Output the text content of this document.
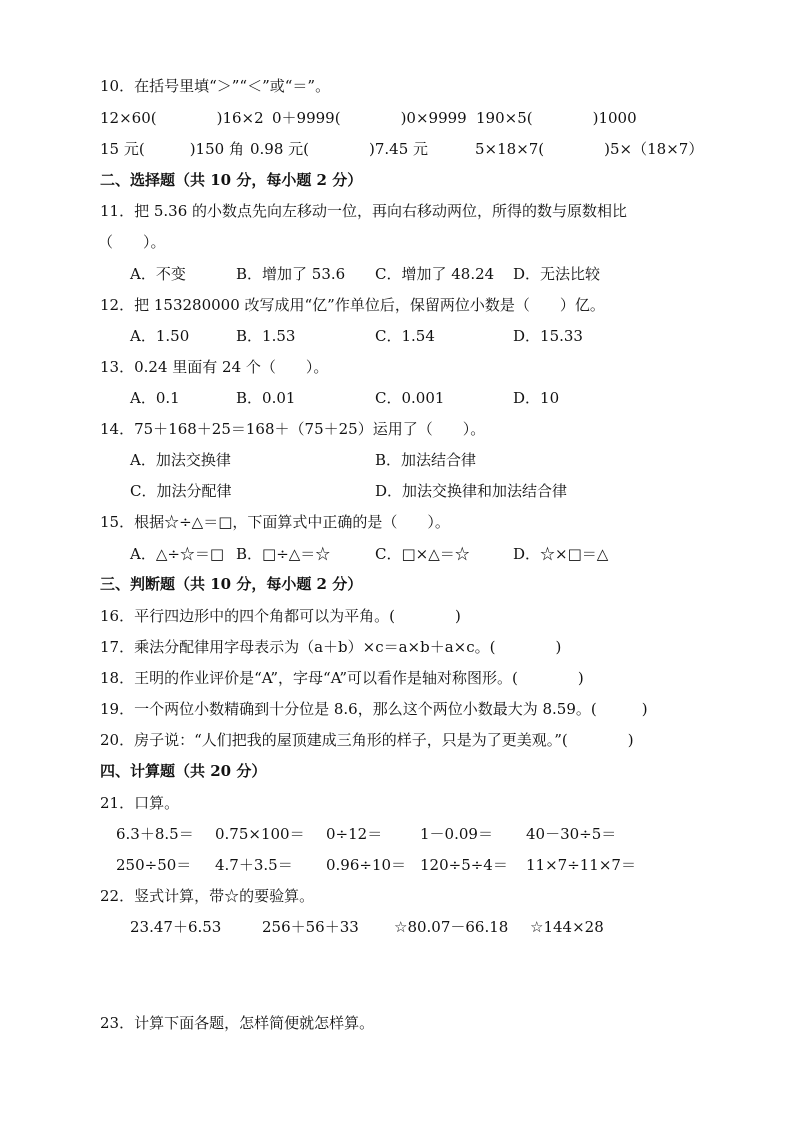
10．在括号里填“＞”“＜”或“＝”。
12×60(　　　　)16×2 0＋9999(　　　　)0×9999 190×5(　　　　)1000
15 元(　　　)150 角 0.98 元(　　　　)7.45 元	5×18×7(　　　　)5×（18×7）
二、选择题（共 10 分，每小题 2 分）
11．把 5.36 的小数点先向左移动一位，再向右移动两位，所得的数与原数相比
（　　）。
A．不变	B．增加了 53.6 C．增加了 48.24 D．无法比较
12．把 153280000 改写成用“亿”作单位后，保留两位小数是（　　）亿。
A．1.50	B．1.53	C．1.54	D．15.33
13．0.24 里面有 24 个（　　）。
A．0.1	B．0.01	C．0.001	D．10
14．75＋168＋25＝168＋（75＋25）运用了（　　）。
A．加法交换律	B．加法结合律
C．加法分配律	D．加法交换律和加法结合律
15．根据☆÷△＝□，下面算式中正确的是（　　）。
A．△÷☆＝□ B．□÷△＝☆	C．□×△＝☆	D．☆×□＝△
三、判断题（共 10 分，每小题 2 分）
16．平行四边形中的四个角都可以为平角。(　　　　)
17．乘法分配律用字母表示为（a＋b）×c＝a×b＋a×c。(　　　　)
18．王明的作业评价是“A”，字母“A”可以看作是轴对称图形。(　　　　)
19．一个两位小数精确到十分位是 8.6，那么这个两位小数最大为 8.59。(　　　)
20．房子说：“人们把我的屋顶建成三角形的样子，只是为了更美观。”(　　　　)
四、计算题（共 20 分）
21．口算。
6.3＋8.5＝ 0.75×100＝ 0÷12＝	1－0.09＝ 40－30÷5＝
250÷50＝ 4.7＋3.5＝ 0.96÷10＝ 120÷5÷4＝ 11×7÷11×7＝
22．竖式计算，带☆的要验算。
23.47＋6.53	256＋56＋33 ☆80.07－66.18 ☆144×28
23．计算下面各题，怎样简便就怎样算。
